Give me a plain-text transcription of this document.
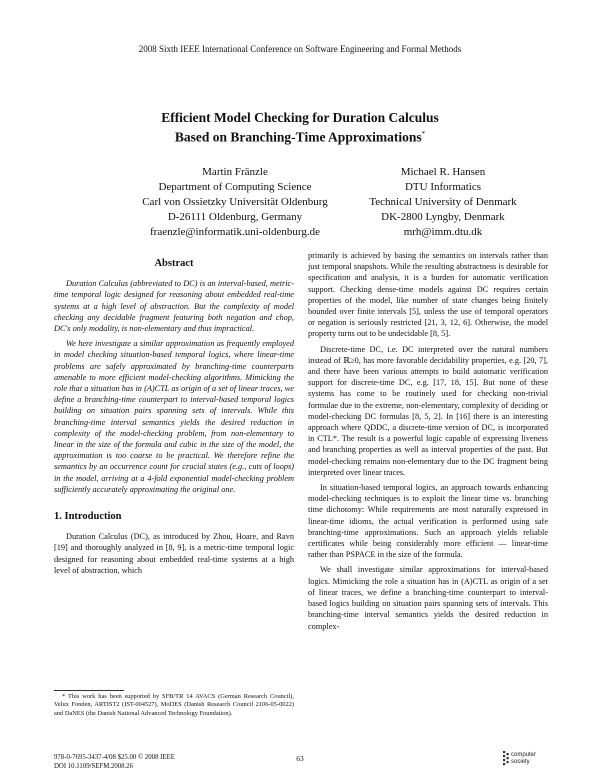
2008 Sixth IEEE International Conference on Software Engineering and Formal Methods
Efficient Model Checking for Duration Calculus
Based on Branching-Time Approximations*
Martin Fränzle
Department of Computing Science
Carl von Ossietzky Universität Oldenburg
D-26111 Oldenburg, Germany
fraenzle@informatik.uni-oldenburg.de
Michael R. Hansen
DTU Informatics
Technical University of Denmark
DK-2800 Lyngby, Denmark
mrh@imm.dtu.dk
Abstract

Duration Calculus (abbreviated to DC) is an interval-based, metric-time temporal logic designed for reasoning about embedded real-time systems at a high level of abstraction. But the complexity of model checking any decidable fragment featuring both negation and chop, DC's only modality, is non-elementary and thus impractical.

We here investigate a similar approximation as frequently employed in model checking situation-based temporal logics, where linear-time problems are safely approximated by branching-time counterparts amenable to more efficient model-checking algorithms. Mimicking the role that a situation has in (A)CTL as origin of a set of linear traces, we define a branching-time counterpart to interval-based temporal logics building on situation pairs spanning sets of intervals. While this branching-time interval semantics yields the desired reduction in complexity of the model-checking problem, from non-elementary to linear in the size of the formula and cubic in the size of the model, the approximation is too coarse to be practical. We therefore refine the semantics by an occurrence count for crucial states (e.g., cuts of loops) in the model, arriving at a 4-fold exponential model-checking problem sufficiently accurately approximating the original one.

1. Introduction

Duration Calculus (DC), as introduced by Zhou, Hoare, and Ravn [19] and thoroughly analyzed in [8, 9], is a metric-time temporal logic designed for reasoning about embedded real-time systems at a high level of abstraction, which

* This work has been supported by SFB/TR 14 AVACS (German Research Council), Velux Fonden, ARTIST2 (IST-004527), MoDES (Danish Research Council 2106-05-0022) and DaNES (the Danish National Advanced Technology Foundation).

primarily is achieved by basing the semantics on intervals rather than just temporal snapshots. While the resulting abstractness is desirable for specification and analysis, it is a burden for automatic verification support. Checking dense-time models against DC requires certain properties of the model, like number of state changes being finitely bounded over finite intervals [5], unless the use of temporal operators or negation is seriously restricted [21, 3, 12, 6]. Otherwise, the model property turns out to be undecidable [8, 5].

Discrete-time DC, i.e. DC interpreted over the natural numbers instead of ℝ≥0, has more favorable decidability properties, e.g. [20, 7], and there have been various attempts to build automatic verification support for discrete-time DC, e.g. [17, 18, 15]. But none of these systems has come to be routinely used for checking non-trivial formulae due to the extreme, non-elementary, complexity of deciding or model-checking DC formulas [8, 5, 2]. In [16] there is an interesting approach where QDDC, a discrete-time version of DC, is incorporated in CTL*. The result is a powerful logic capable of expressing liveness and branching properties as well as interval properties of the past. But model-checking remains non-elementary due to the DC fragment being interpreted over linear traces.

In situation-based temporal logics, an approach towards enhancing model-checking techniques is to exploit the linear time vs. branching time dichotomy: While requirements are most naturally expressed in linear-time idioms, the actual verification is performed using safe branching-time approximations. Such an approach yields reliable certificates while being considerably more efficient — linear-time rather than PSPACE in the size of the formula.

We shall investigate similar approximations for interval-based logics. Mimicking the role a situation has in (A)CTL as origin of a set of linear traces, we define a branching-time counterpart to interval-based logics building on situation pairs spanning sets of intervals. This branching-time interval semantics yields the desired reduction in complex-

978-0-7695-3437-4/08 $25.00 © 2008 IEEE
DOI 10.1109/SEFM.2008.26
63	computer
society
